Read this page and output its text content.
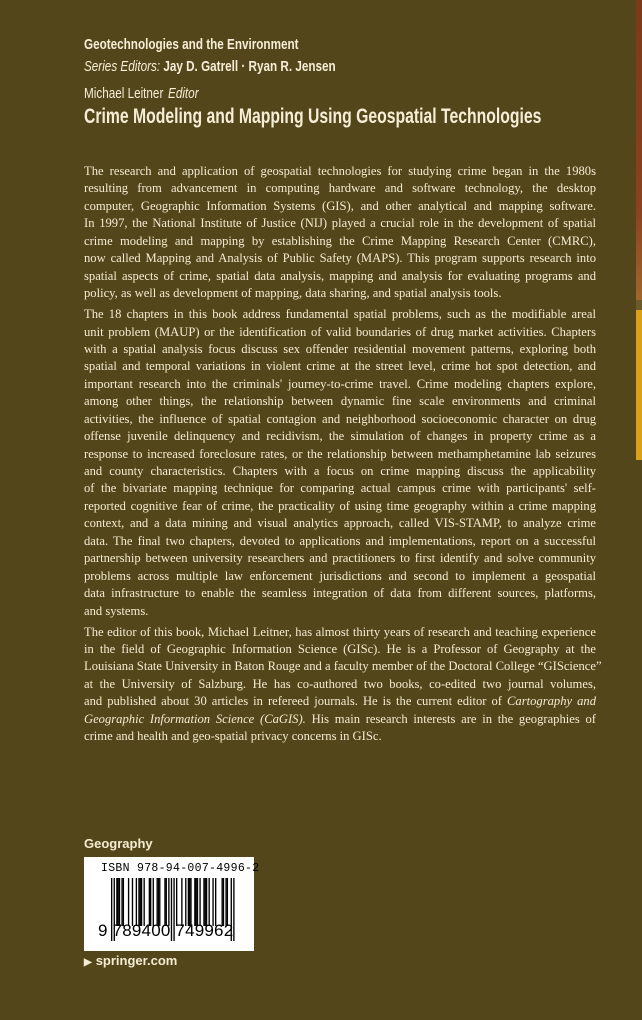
Geotechnologies and the Environment
Series Editors: Jay D. Gatrell · Ryan R. Jensen
Michael Leitner Editor
Crime Modeling and Mapping Using Geospatial Technologies
The research and application of geospatial technologies for studying crime began in the 1980s
resulting from advancement in computing hardware and software technology, the desktop
computer, Geographic Information Systems (GIS), and other analytical and mapping software.
In 1997, the National Institute of Justice (NIJ) played a crucial role in the development of spatial
crime modeling and mapping by establishing the Crime Mapping Research Center (CMRC),
now called Mapping and Analysis of Public Safety (MAPS). This program supports research into
spatial aspects of crime, spatial data analysis, mapping and analysis for evaluating programs and
policy, as well as development of mapping, data sharing, and spatial analysis tools.
The 18 chapters in this book address fundamental spatial problems, such as the modifiable areal
unit problem (MAUP) or the identification of valid boundaries of drug market activities. Chapters
with a spatial analysis focus discuss sex offender residential movement patterns, exploring both
spatial and temporal variations in violent crime at the street level, crime hot spot detection, and
important research into the criminals' journey-to-crime travel. Crime modeling chapters explore,
among other things, the relationship between dynamic fine scale environments and criminal
activities, the influence of spatial contagion and neighborhood socioeconomic character on drug
offense juvenile delinquency and recidivism, the simulation of changes in property crime as a
response to increased foreclosure rates, or the relationship between methamphetamine lab seizures
and county characteristics. Chapters with a focus on crime mapping discuss the applicability
of the bivariate mapping technique for comparing actual campus crime with participants' self-
reported cognitive fear of crime, the practicality of using time geography within a crime mapping
context, and a data mining and visual analytics approach, called VIS-STAMP, to analyze crime
data. The final two chapters, devoted to applications and implementations, report on a successful
partnership between university researchers and practitioners to first identify and solve community
problems across multiple law enforcement jurisdictions and second to implement a geospatial
data infrastructure to enable the seamless integration of data from different sources, platforms,
and systems.
The editor of this book, Michael Leitner, has almost thirty years of research and teaching experience
in the field of Geographic Information Science (GISc). He is a Professor of Geography at the
Louisiana State University in Baton Rouge and a faculty member of the Doctoral College “GIScience”
at the University of Salzburg. He has co-authored two books, co-edited two journal volumes,
and published about 30 articles in refereed journals. He is the current editor of Cartography and
Geographic Information Science (CaGIS). His main research interests are in the geographies of
crime and health and geo-spatial privacy concerns in GISc.
Geography
ISBN 978-94-007-4996-2
9 789400 749962
▶ springer.com
